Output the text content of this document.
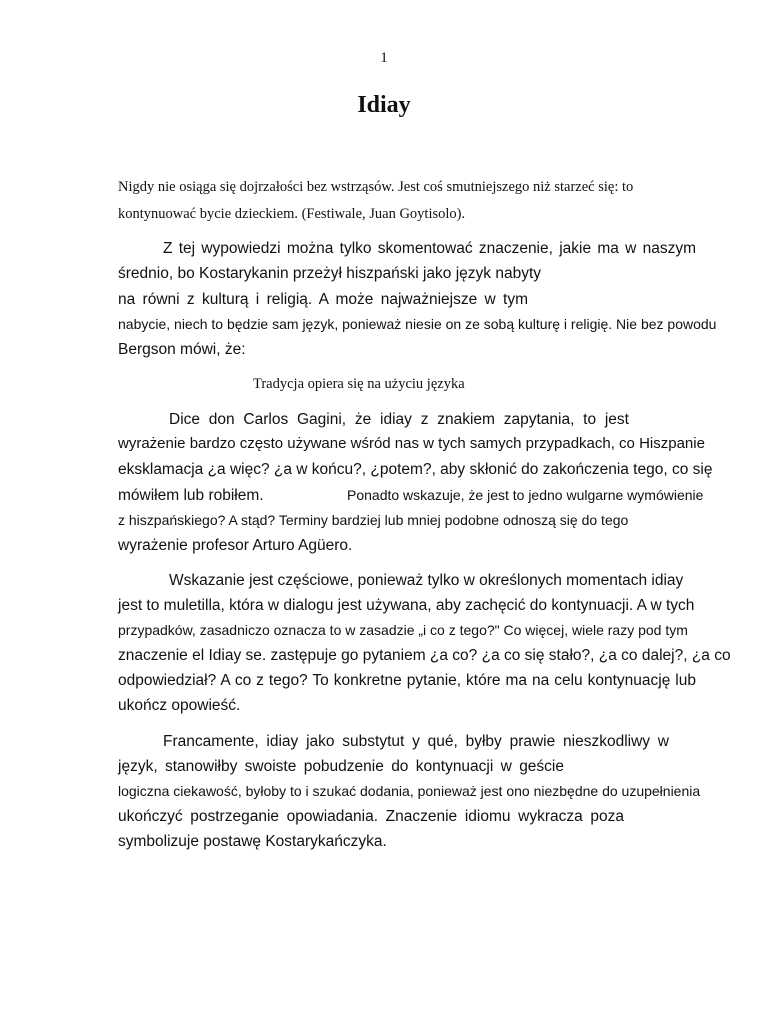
1
Idiay
Nigdy nie osiąga się dojrzałości bez wstrząsów. Jest coś smutniejszego niż starzeć się: to
kontynuować bycie dzieckiem. (Festiwale, Juan Goytisolo).
Z tej wypowiedzi można tylko skomentować znaczenie, jakie ma w naszym
średnio, bo Kostarykanin przeżył hiszpański jako język nabyty
na równi z kulturą i religią. A może najważniejsze w tym
nabycie, niech to będzie sam język, ponieważ niesie on ze sobą kulturę i religię. Nie bez powodu
Bergson mówi, że:
Tradycja opiera się na użyciu języka
Dice don Carlos Gagini, że idiay z znakiem zapytania, to jest
wyrażenie bardzo często używane wśród nas w tych samych przypadkach, co Hiszpanie
eksklamacja ¿a więc? ¿a w końcu?, ¿potem?, aby skłonić do zakończenia tego, co się
mówiłem lub robiłem.	Ponadto wskazuje, że jest to jedno wulgarne wymówienie
z hiszpańskiego? A stąd? Terminy bardziej lub mniej podobne odnoszą się do tego
wyrażenie profesor Arturo Agüero.
Wskazanie jest częściowe, ponieważ tylko w określonych momentach idiay
jest to muletilla, która w dialogu jest używana, aby zachęcić do kontynuacji. A w tych
przypadków, zasadniczo oznacza to w zasadzie „i co z tego?" Co więcej, wiele razy pod tym
znaczenie el Idiay se. zastępuje go pytaniem ¿a co? ¿a co się stało?, ¿a co dalej?, ¿a co
odpowiedział? A co z tego? To konkretne pytanie, które ma na celu kontynuację lub
ukończ opowieść.
Francamente, idiay jako substytut y qué, byłby prawie nieszkodliwy w
język, stanowiłby swoiste pobudzenie do kontynuacji w geście
logiczna ciekawość, byłoby to i szukać dodania, ponieważ jest ono niezbędne do uzupełnienia
ukończyć postrzeganie opowiadania. Znaczenie idiomu wykracza poza
symbolizuje postawę Kostarykańczyka.
